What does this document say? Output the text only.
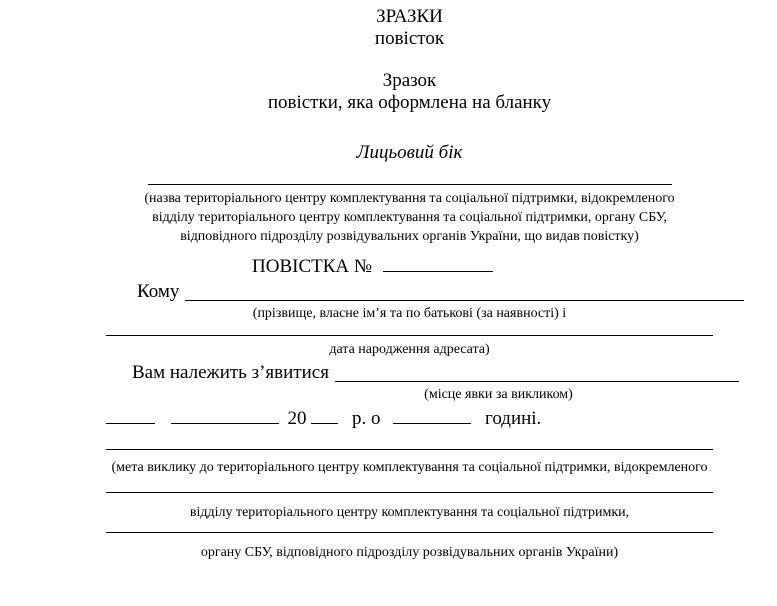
ЗРАЗКИ
повісток
Зразок
повістки, яка оформлена на бланку
Лицьовий бік
(назва територіального центру комплектування та соціальної підтримки, відокремленого
відділу територіального центру комплектування та соціальної підтримки, органу СБУ,
відповідного підрозділу розвідувальних органів України, що видав повістку)
ПОВІСТКА №
Кому
(прізвище, власне ім’я та по батькові (за наявності) і
дата народження адресата)
Вам належить з’явитися
(місце явки за викликом)
20 р. о	годині.
(мета виклику до територіального центру комплектування та соціальної підтримки, відокремленого
відділу територіального центру комплектування та соціальної підтримки,
органу СБУ, відповідного підрозділу розвідувальних органів України)
